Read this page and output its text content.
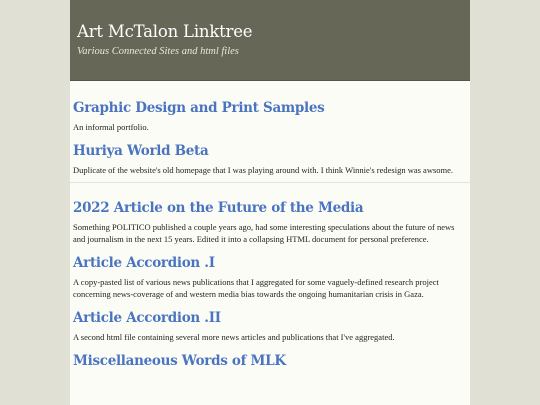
Art McTalon Linktree
Various Connected Sites and html files
Graphic Design and Print Samples

An informal portfolio.

Huriya World Beta

Duplicate of the website's old homepage that I was playing around with. I think Winnie's redesign was awsome.

2022 Article on the Future of the Media

Something POLITICO published a couple years ago, had some interesting speculations about the future of news and journalism in the next 15 years. Edited it into a collapsing HTML document for personal preference.

Article Accordion .I

A copy-pasted list of various news publications that I aggregated for some vaguely-defined research project concerning news-coverage of and western media bias towards the ongoing humanitarian crisis in Gaza.

Article Accordion .II

A second html file containing several more news articles and publications that I've aggregated.

Miscellaneous Words of MLK
